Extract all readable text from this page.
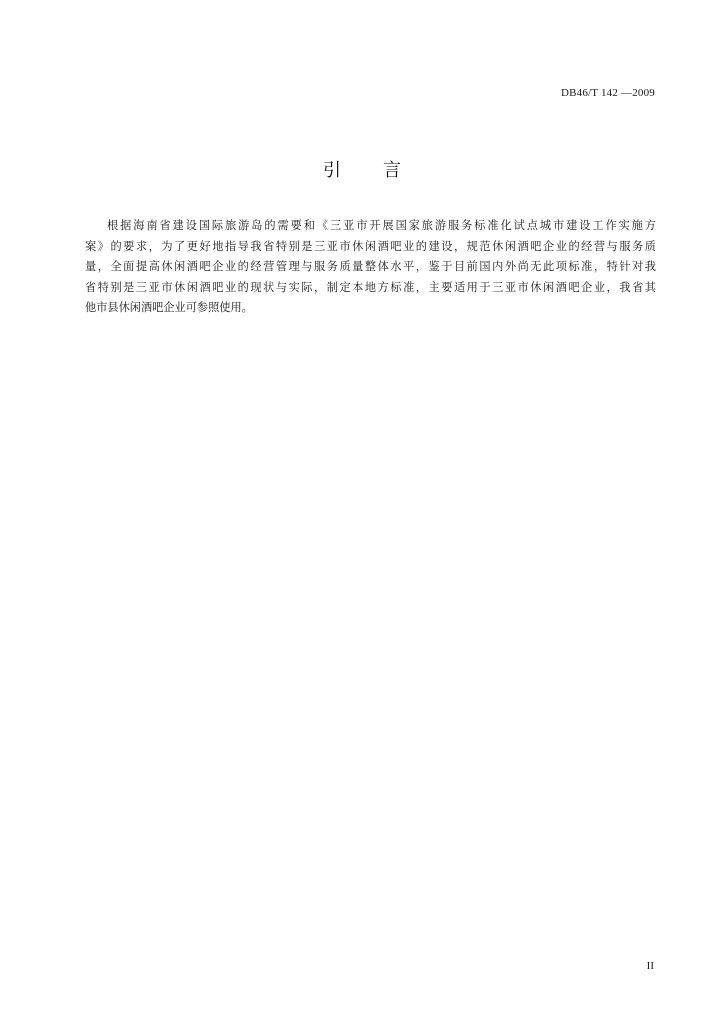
DB46/T 142 —2009
引 言
根据海南省建设国际旅游岛的需要和《三亚市开展国家旅游服务标准化试点城市建设工作实施方
案》的要求，为了更好地指导我省特别是三亚市休闲酒吧业的建设，规范休闲酒吧企业的经营与服务质
量，全面提高休闲酒吧企业的经营管理与服务质量整体水平，鉴于目前国内外尚无此项标准，特针对我
省特别是三亚市休闲酒吧业的现状与实际，制定本地方标准，主要适用于三亚市休闲酒吧企业，我省其
他市县休闲酒吧企业可参照使用。
II
